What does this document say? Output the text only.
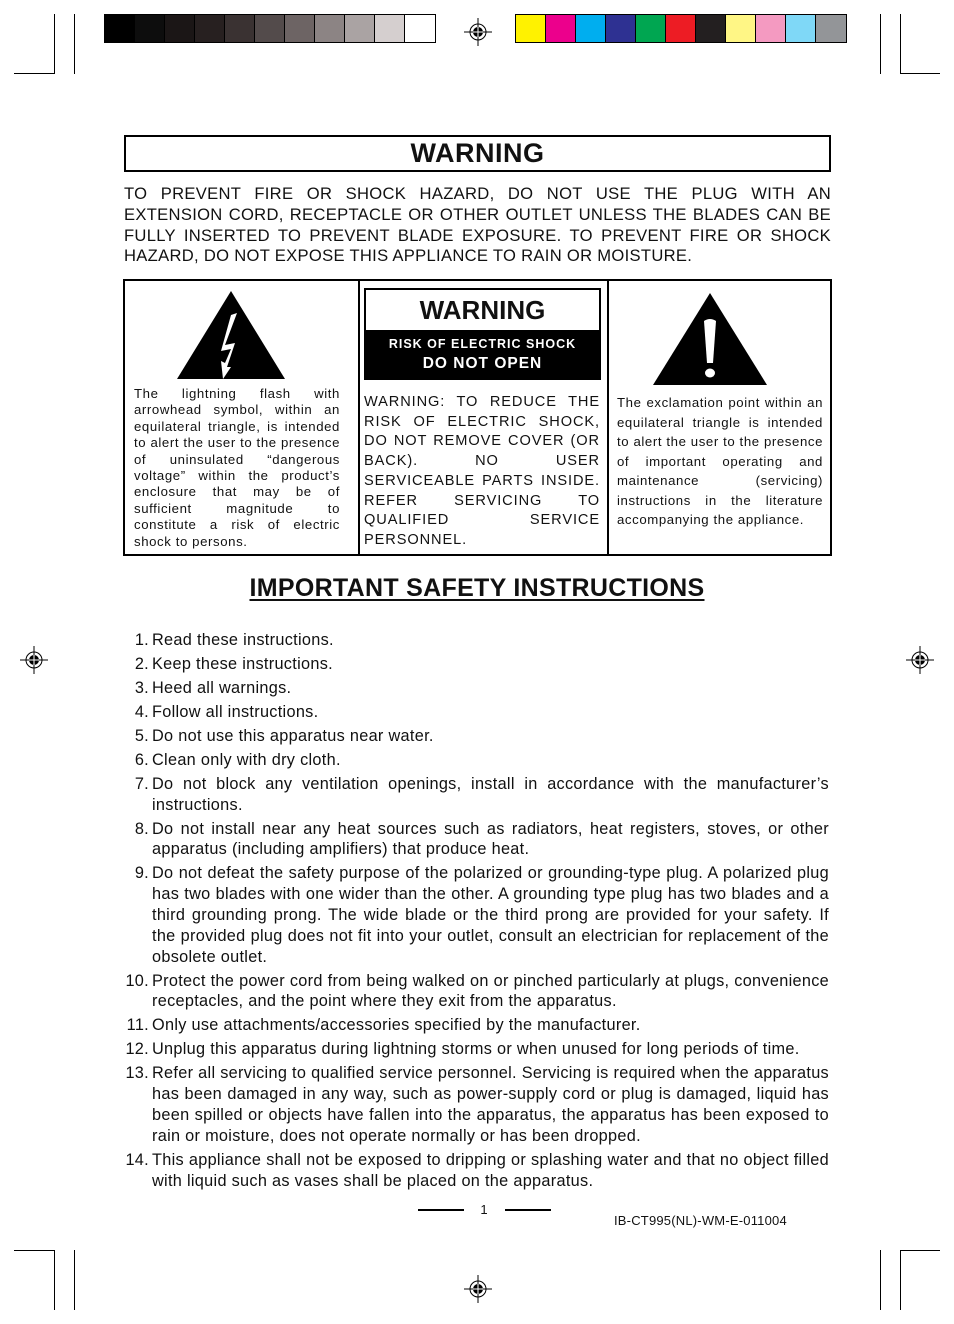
WARNING
TO PREVENT FIRE OR SHOCK HAZARD, DO NOT USE THE PLUG WITH AN EXTENSION CORD, RECEPTACLE OR OTHER OUTLET UNLESS THE BLADES CAN BE FULLY INSERTED TO PREVENT BLADE EXPOSURE. TO PREVENT FIRE OR SHOCK HAZARD, DO NOT EXPOSE THIS APPLIANCE TO RAIN OR MOISTURE.
The lightning flash with arrowhead symbol, within an equilateral triangle, is intended to alert the user to the presence of uninsulated “dangerous voltage” within the product’s enclosure that may be of sufficient magnitude to constitute a risk of electric shock to persons.
WARNING
RISK OF ELECTRIC SHOCK
DO NOT OPEN
WARNING: TO REDUCE THE RISK OF ELECTRIC SHOCK, DO NOT REMOVE COVER (OR BACK). NO USER SERVICEABLE PARTS INSIDE. REFER SERVICING TO QUALIFIED SERVICE PERSONNEL.
The exclamation point within an equilateral triangle is intended to alert the user to the presence of important operating and maintenance (servicing) instructions in the literature accompanying the appliance.
IMPORTANT SAFETY INSTRUCTIONS
1. Read these instructions.
2. Keep these instructions.
3. Heed all warnings.
4. Follow all instructions.
5. Do not use this apparatus near water.
6. Clean only with dry cloth.
7. Do not block any ventilation openings, install in accordance with the manufacturer’s instructions.
8. Do not install near any heat sources such as radiators, heat registers, stoves, or other apparatus (including amplifiers) that produce heat.
9. Do not defeat the safety purpose of the polarized or grounding-type plug. A polarized plug has two blades with one wider than the other. A grounding type plug has two blades and a third grounding prong. The wide blade or the third prong are provided for your safety. If the provided plug does not fit into your outlet, consult an electrician for replacement of the obsolete outlet.
10. Protect the power cord from being walked on or pinched particularly at plugs, convenience receptacles, and the point where they exit from the apparatus.
11. Only use attachments/accessories specified by the manufacturer.
12. Unplug this apparatus during lightning storms or when unused for long periods of time.
13. Refer all servicing to qualified service personnel. Servicing is required when the apparatus has been damaged in any way, such as power-supply cord or plug is damaged, liquid has been spilled or objects have fallen into the apparatus, the apparatus has been exposed to rain or moisture, does not operate normally or has been dropped.
14. This appliance shall not be exposed to dripping or splashing water and that no object filled with liquid such as vases shall be placed on the apparatus.
1
IB-CT995(NL)-WM-E-011004
